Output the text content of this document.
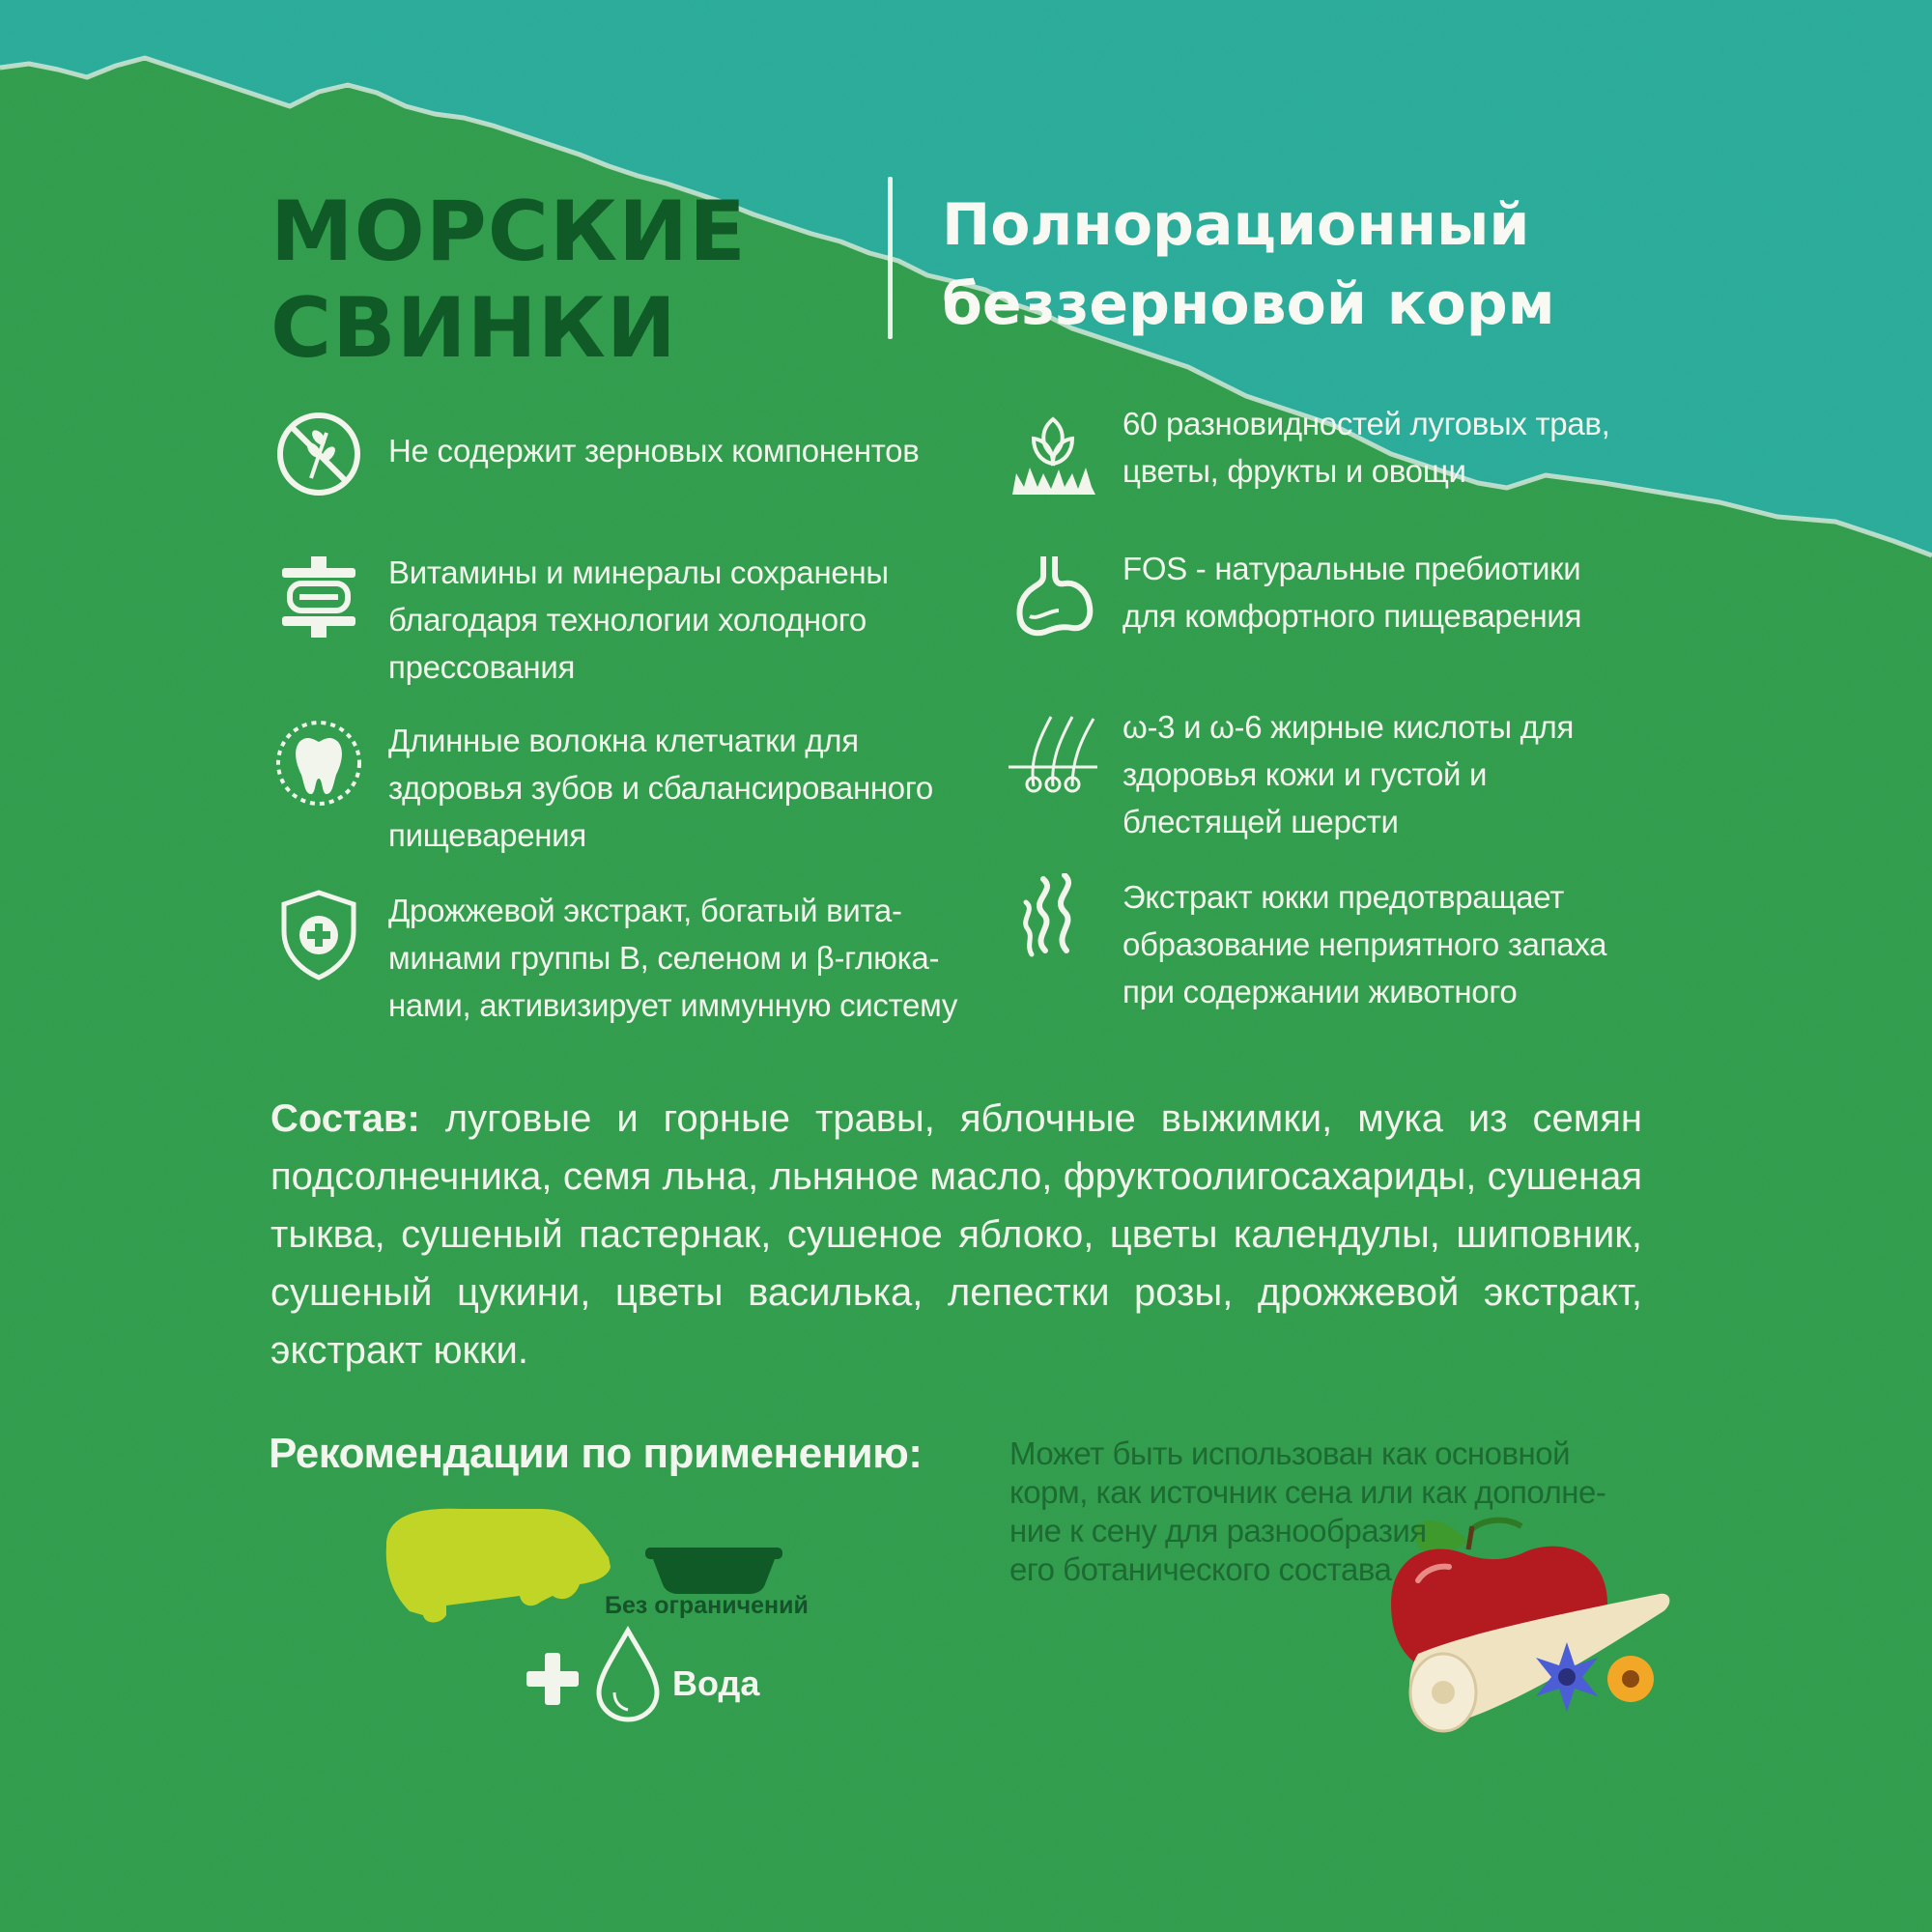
МОРСКИЕ
СВИНКИ
Полнорационный
беззерновой корм
Не содержит зерновых компонентов
Витамины и минералы сохранены
благодаря технологии холодного
прессования
Длинные волокна клетчатки для
здоровья зубов и сбалансированного
пищеварения
Дрожжевой экстракт, богатый вита-
минами группы B, селеном и β-глюка-
нами, активизирует иммунную систему
60 разновидностей луговых трав,
цветы, фрукты и овощи
FOS - натуральные пребиотики
для комфортного пищеварения
ω-3 и ω-6 жирные кислоты для
здоровья кожи и густой и
блестящей шерсти
Экстракт юкки предотвращает
образование неприятного запаха
при содержании животного
Состав: луговые и горные травы, яблочные выжимки, мука из семян подсолнечника, семя льна, льняное масло, фруктоолигосахариды, сушеная тыква, сушеный пастернак, сушеное яблоко, цветы календулы, шиповник, сушеный цукини, цветы василька, лепестки розы, дрожжевой экстракт, экстракт юкки.
Рекомендации по применению:
Без ограничений
Вода
Может быть использован как основной
корм, как источник сена или как дополне-
ние к сену для разнообразия
его ботанического состава
